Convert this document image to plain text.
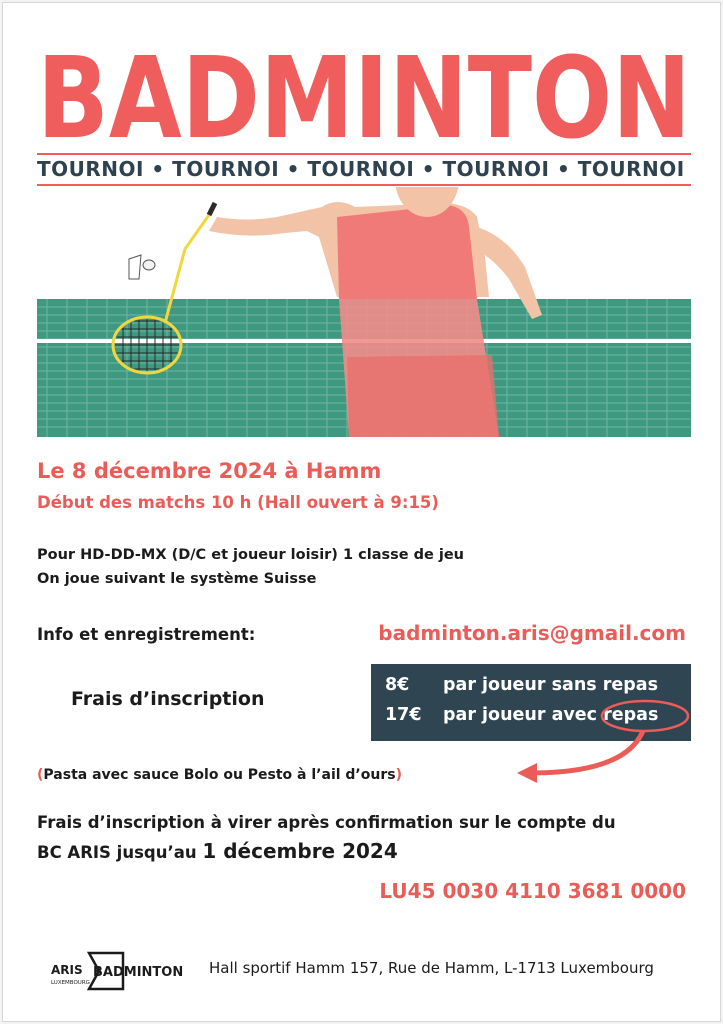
BADMINTON
TOURNOI • TOURNOI • TOURNOI • TOURNOI • TOURNOI
Le 8 décembre 2024 à Hamm
Début des matchs 10 h (Hall ouvert à 9:15)
Pour HD-DD-MX (D/C et joueur loisir) 1 classe de jeu
On joue suivant le système Suisse
Info et enregistrement:	badminton.aris@gmail.com
Frais d’inscription
8€ par joueur sans repas
17€ par joueur avec repas
(Pasta avec sauce Bolo ou Pesto à l’ail d’ours)
Frais d’inscription à virer après confirmation sur le compte du
BC ARIS jusqu’au 1 décembre 2024
LU45 0030 4110 3681 0000
ARIS
LUXEMBOURG
BADMINTON Hall sportif Hamm 157, Rue de Hamm, L-1713 Luxembourg
